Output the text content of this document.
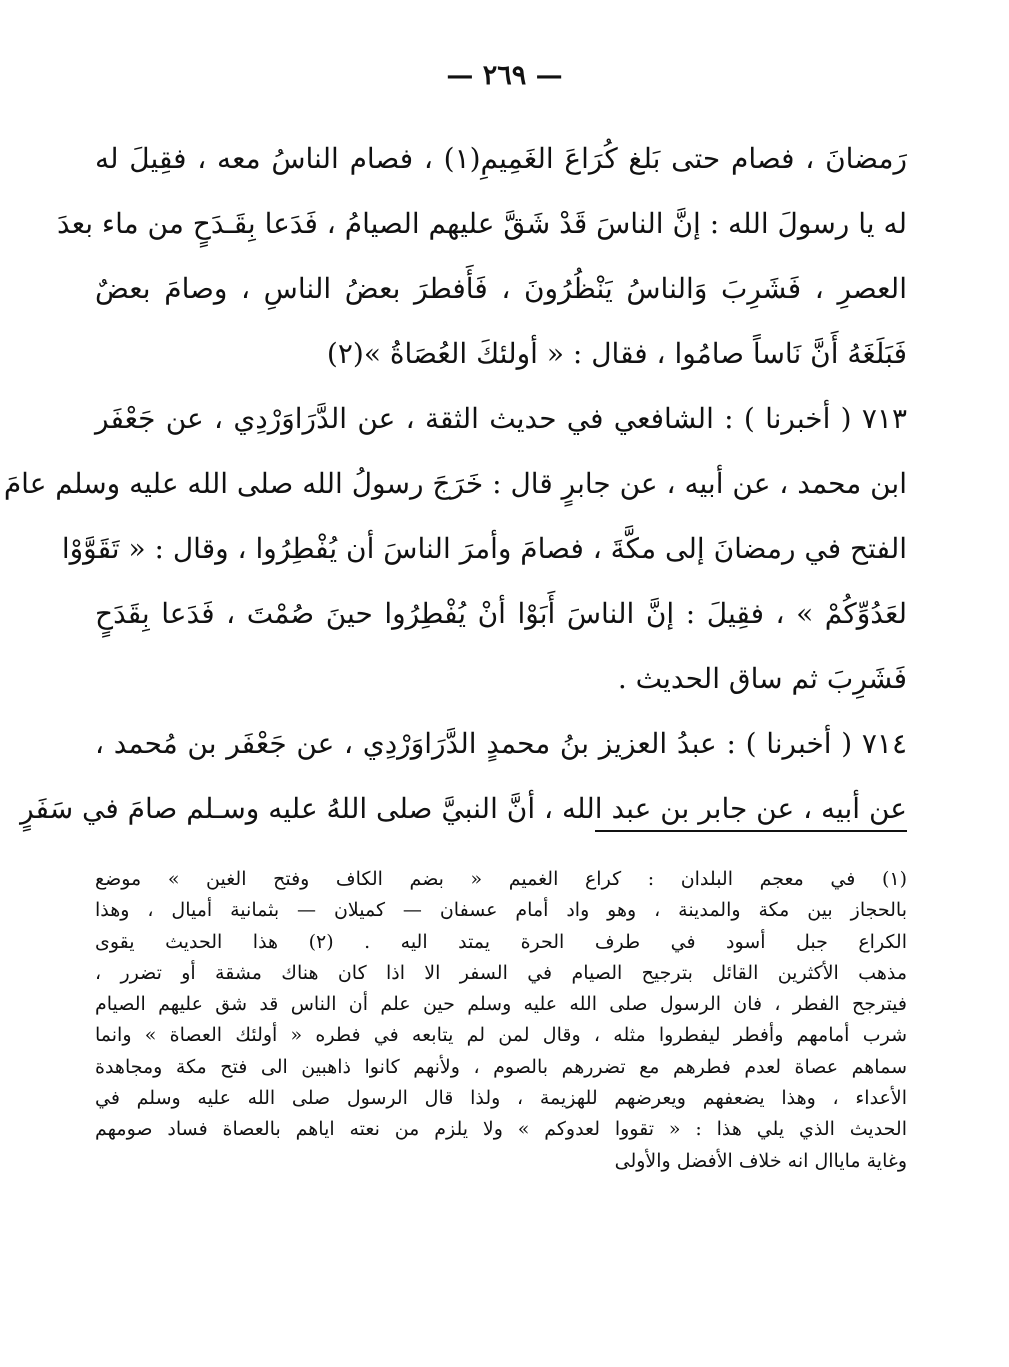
— ٢٦٩ —
رَمضانَ ، فصام حتى بَلغ كُرَاعَ الغَمِيمِ(١) ، فصام الناسُ معه ، فقِيلَ له
له يا رسولَ الله : إنَّ الناسَ قَدْ شَقَّ عليهم الصيامُ ، فَدَعا بِقَـدَحٍ من ماء بعدَ
العصرِ ، فَشَرِبَ وَالناسُ يَنْظُرُونَ ، فَأَفطرَ بعضُ الناسِ ، وصامَ بعضٌ
فَبَلَغَهُ أَنَّ نَاساً صامُوا ، فقال : « أولئكَ العُصَاةُ »(٢)
٧١٣ ( أخبرنا ) : الشافعي في حديث الثقة ، عن الدَّرَاوَرْدِي ، عن جَعْفَر
ابن محمد ، عن أبيه ، عن جابرٍ قال : خَرَجَ رسولُ الله صلى الله عليه وسلم عامَ
الفتح في رمضانَ إلى مكَّةَ ، فصامَ وأمرَ الناسَ أن يُفْطِرُوا ، وقال : « تَقَوَّوْا
لعَدُوِّكُمْ » ، فقِيلَ : إنَّ الناسَ أَبَوْا أنْ يُفْطِرُوا حينَ صُمْتَ ، فَدَعا بِقَدَحٍ
فَشَرِبَ ثم ساق الحديث .
٧١٤ ( أخبرنا ) : عبدُ العزيز بنُ محمدٍ الدَّرَاوَرْدِي ، عن جَعْفَر بن مُحمد ،
عن أبيه ، عن جابر بن عبد الله ، أنَّ النبيَّ صلى اللهُ عليه وسـلم صامَ في سَفَرٍ
(١) في معجم البلدان : كراع الغميم « بضم الكاف وفتح الغين » موضع
بالحجاز بين مكة والمدينة ، وهو واد أمام عسفان — كميلان — بثمانية أميال ، وهذا
الكراع جبل أسود في طرف الحرة يمتد اليه . (٢) هذا الحديث يقوى
مذهب الأكثرين القائل بترجيح الصيام في السفر الا اذا كان هناك مشقة أو تضرر ،
فيترجح الفطر ، فان الرسول صلى الله عليه وسلم حين علم أن الناس قد شق عليهم الصيام
شرب أمامهم وأفطر ليفطروا مثله ، وقال لمن لم يتابعه في فطره « أولئك العصاة » وانما
سماهم عصاة لعدم فطرهم مع تضررهم بالصوم ، ولأنهم كانوا ذاهبين الى فتح مكة ومجاهدة
الأعداء ، وهذا يضعفهم ويعرضهم للهزيمة ، ولذا قال الرسول صلى الله عليه وسلم في
الحديث الذي يلي هذا : « تقووا لعدوكم » ولا يلزم من نعته اياهم بالعصاة فساد صومهم
وغاية ماياال انه خلاف الأفضل والأولى
